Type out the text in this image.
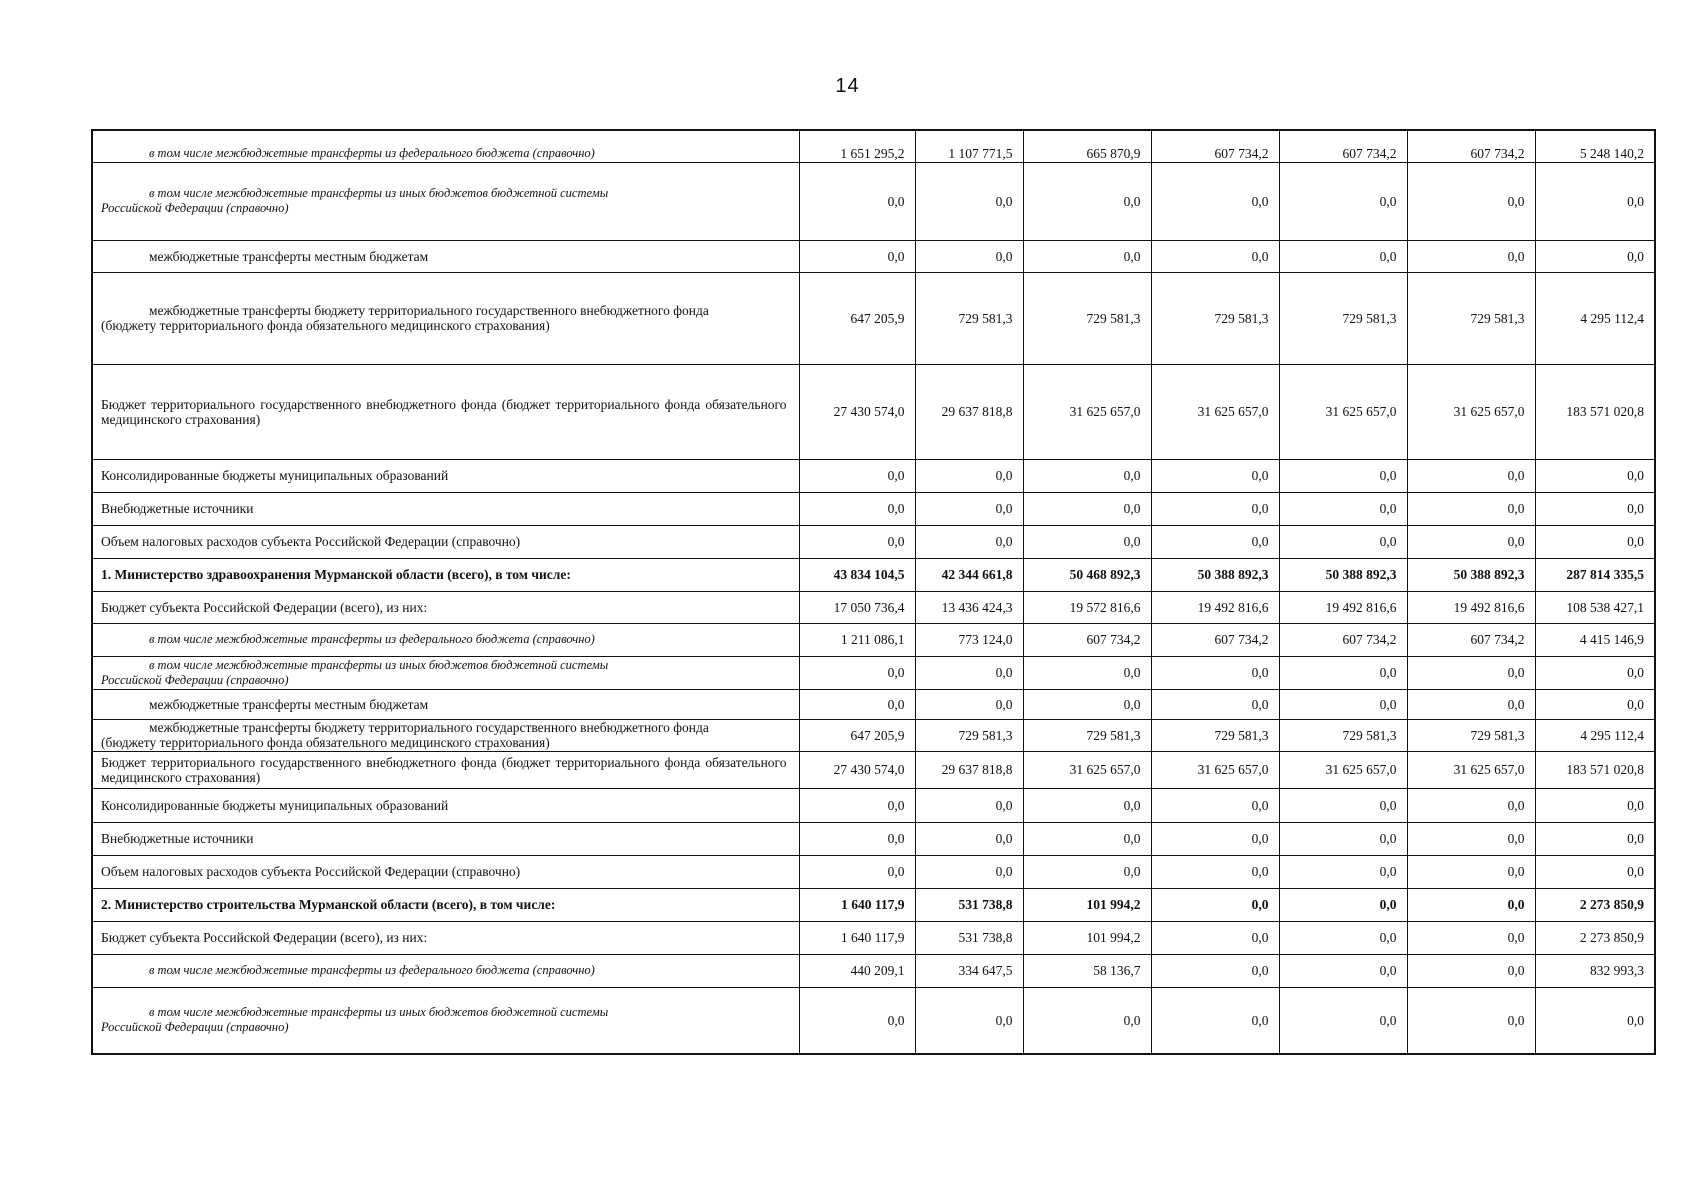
14
в том числе межбюджетные трансферты из федерального бюджета (справочно)	1 651 295,2	1 107 771,5	665 870,9	607 734,2	607 734,2	607 734,2	5 248 140,2

в том числе межбюджетные трансферты из иных бюджетов бюджетной системы
Российской Федерации (справочно)	0,0	0,0	0,0	0,0	0,0	0,0	0,0

межбюджетные трансферты местным бюджетам	0,0	0,0	0,0	0,0	0,0	0,0	0,0

межбюджетные трансферты бюджету территориального государственного внебюджетного фонда
(бюджету территориального фонда обязательного медицинского страхования)	647 205,9	729 581,3	729 581,3	729 581,3	729 581,3	729 581,3	4 295 112,4
Бюджет территориального государственного внебюджетного фонда (бюджет территориального фонда обязательного медицинского страхования)	27 430 574,0	29 637 818,8	31 625 657,0	31 625 657,0	31 625 657,0	31 625 657,0	183 571 020,8
Консолидированные бюджеты муниципальных образований	0,0	0,0	0,0	0,0	0,0	0,0	0,0
Внебюджетные источники	0,0	0,0	0,0	0,0	0,0	0,0	0,0
Объем налоговых расходов субъекта Российской Федерации (справочно)	0,0	0,0	0,0	0,0	0,0	0,0	0,0
1. Министерство здравоохранения Мурманской области (всего), в том числе:	43 834 104,5	42 344 661,8	50 468 892,3	50 388 892,3	50 388 892,3	50 388 892,3	287 814 335,5
Бюджет субъекта Российской Федерации (всего), из них:	17 050 736,4	13 436 424,3	19 572 816,6	19 492 816,6	19 492 816,6	19 492 816,6	108 538 427,1

в том числе межбюджетные трансферты из федерального бюджета (справочно)	1 211 086,1	773 124,0	607 734,2	607 734,2	607 734,2	607 734,2	4 415 146,9

в том числе межбюджетные трансферты из иных бюджетов бюджетной системы
Российской Федерации (справочно)	0,0	0,0	0,0	0,0	0,0	0,0	0,0

межбюджетные трансферты местным бюджетам	0,0	0,0	0,0	0,0	0,0	0,0	0,0

межбюджетные трансферты бюджету территориального государственного внебюджетного фонда
(бюджету территориального фонда обязательного медицинского страхования)	647 205,9	729 581,3	729 581,3	729 581,3	729 581,3	729 581,3	4 295 112,4
Бюджет территориального государственного внебюджетного фонда (бюджет территориального фонда обязательного медицинского страхования)	27 430 574,0	29 637 818,8	31 625 657,0	31 625 657,0	31 625 657,0	31 625 657,0	183 571 020,8
Консолидированные бюджеты муниципальных образований	0,0	0,0	0,0	0,0	0,0	0,0	0,0
Внебюджетные источники	0,0	0,0	0,0	0,0	0,0	0,0	0,0
Объем налоговых расходов субъекта Российской Федерации (справочно)	0,0	0,0	0,0	0,0	0,0	0,0	0,0
2. Министерство строительства Мурманской области (всего), в том числе:	1 640 117,9	531 738,8	101 994,2	0,0	0,0	0,0	2 273 850,9
Бюджет субъекта Российской Федерации (всего), из них:	1 640 117,9	531 738,8	101 994,2	0,0	0,0	0,0	2 273 850,9

в том числе межбюджетные трансферты из федерального бюджета (справочно)	440 209,1	334 647,5	58 136,7	0,0	0,0	0,0	832 993,3

в том числе межбюджетные трансферты из иных бюджетов бюджетной системы
Российской Федерации (справочно)	0,0	0,0	0,0	0,0	0,0	0,0	0,0
